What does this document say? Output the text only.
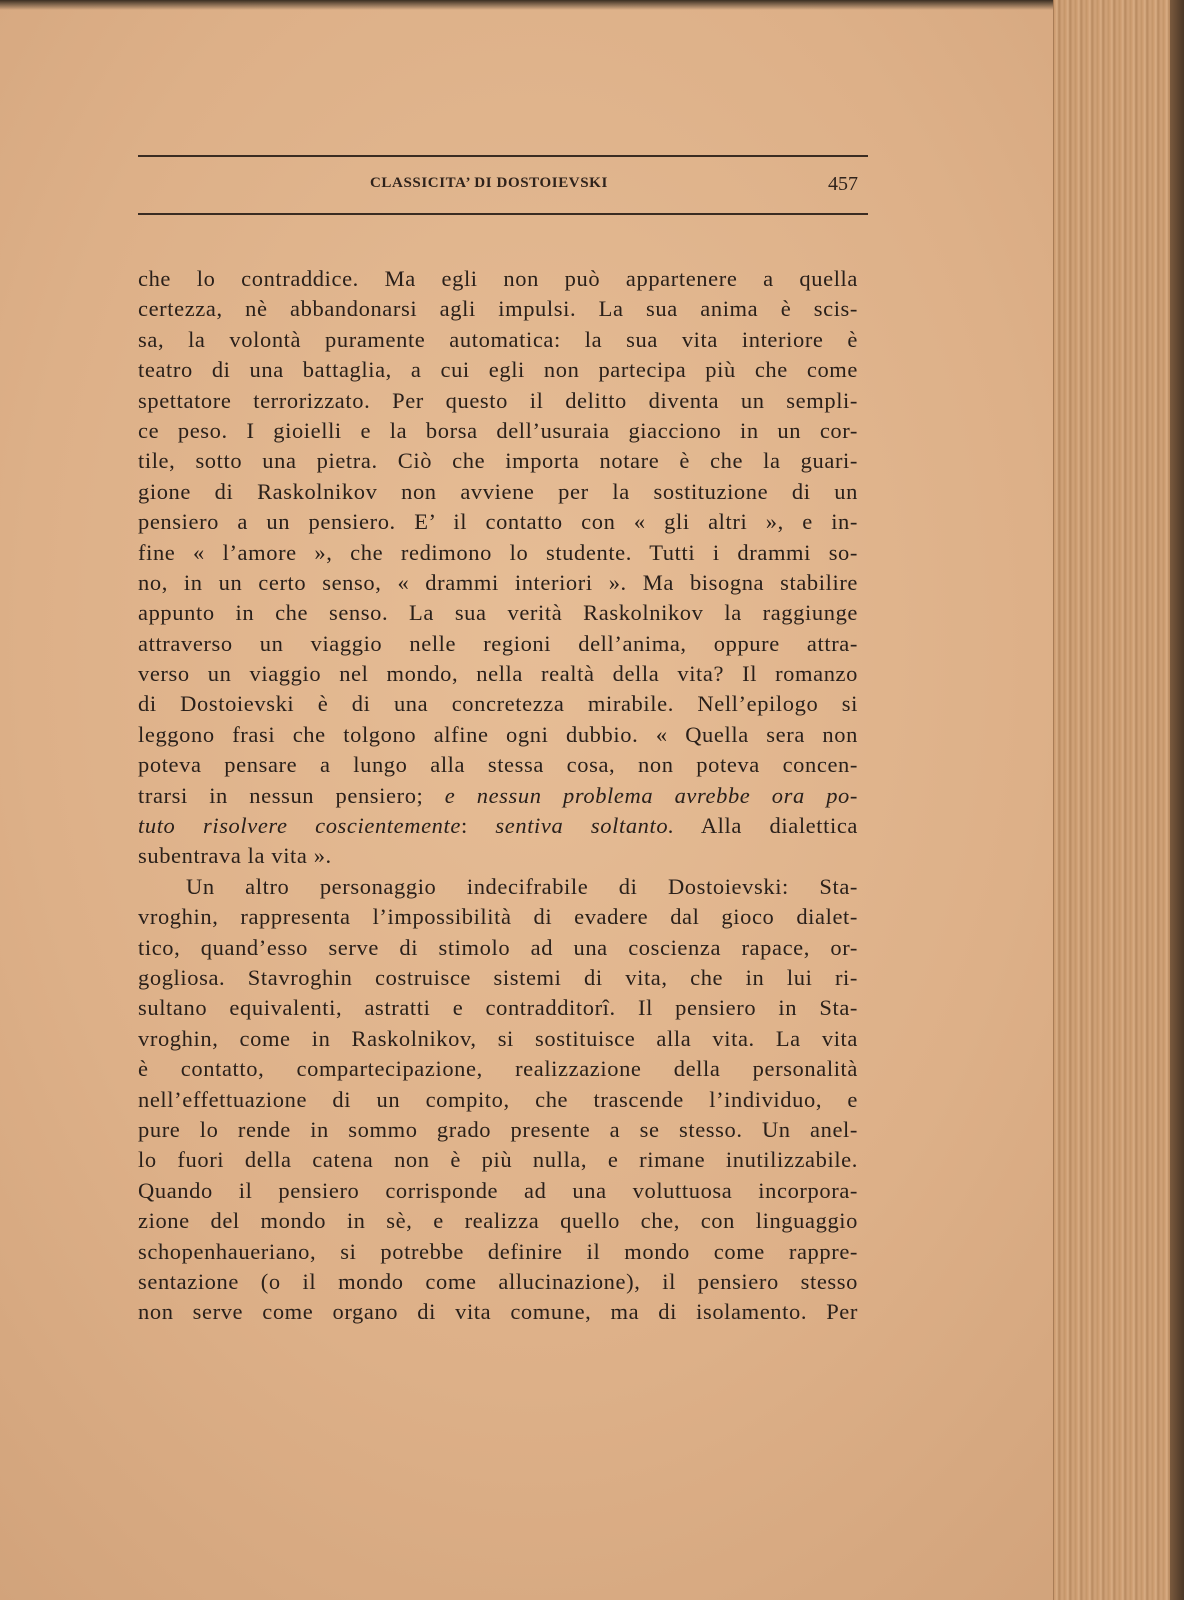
CLASSICITA’ DI DOSTOIEVSKI	457
che lo contraddice. Ma egli non può appartenere a quella
certezza, nè abbandonarsi agli impulsi. La sua anima è scis-
sa, la volontà puramente automatica: la sua vita interiore è
teatro di una battaglia, a cui egli non partecipa più che come
spettatore terrorizzato. Per questo il delitto diventa un sempli-
ce peso. I gioielli e la borsa dell’usuraia giacciono in un cor-
tile, sotto una pietra. Ciò che importa notare è che la guari-
gione di Raskolnikov non avviene per la sostituzione di un
pensiero a un pensiero. E’ il contatto con « gli altri », e in-
fine « l’amore », che redimono lo studente. Tutti i drammi so-
no, in un certo senso, « drammi interiori ». Ma bisogna stabilire
appunto in che senso. La sua verità Raskolnikov la raggiunge
attraverso un viaggio nelle regioni dell’anima, oppure attra-
verso un viaggio nel mondo, nella realtà della vita? Il romanzo
di Dostoievski è di una concretezza mirabile. Nell’epilogo si
leggono frasi che tolgono alfine ogni dubbio. « Quella sera non
poteva pensare a lungo alla stessa cosa, non poteva concen-
trarsi in nessun pensiero; e nessun problema avrebbe ora po-
tuto risolvere coscientemente: sentiva soltanto. Alla dialettica
subentrava la vita ».
Un altro personaggio indecifrabile di Dostoievski: Sta-
vroghin, rappresenta l’impossibilità di evadere dal gioco dialet-
tico, quand’esso serve di stimolo ad una coscienza rapace, or-
gogliosa. Stavroghin costruisce sistemi di vita, che in lui ri-
sultano equivalenti, astratti e contradditorî. Il pensiero in Sta-
vroghin, come in Raskolnikov, si sostituisce alla vita. La vita
è contatto, compartecipazione, realizzazione della personalità
nell’effettuazione di un compito, che trascende l’individuo, e
pure lo rende in sommo grado presente a se stesso. Un anel-
lo fuori della catena non è più nulla, e rimane inutilizzabile.
Quando il pensiero corrisponde ad una voluttuosa incorpora-
zione del mondo in sè, e realizza quello che, con linguaggio
schopenhaueriano, si potrebbe definire il mondo come rappre-
sentazione (o il mondo come allucinazione), il pensiero stesso
non serve come organo di vita comune, ma di isolamento. Per
